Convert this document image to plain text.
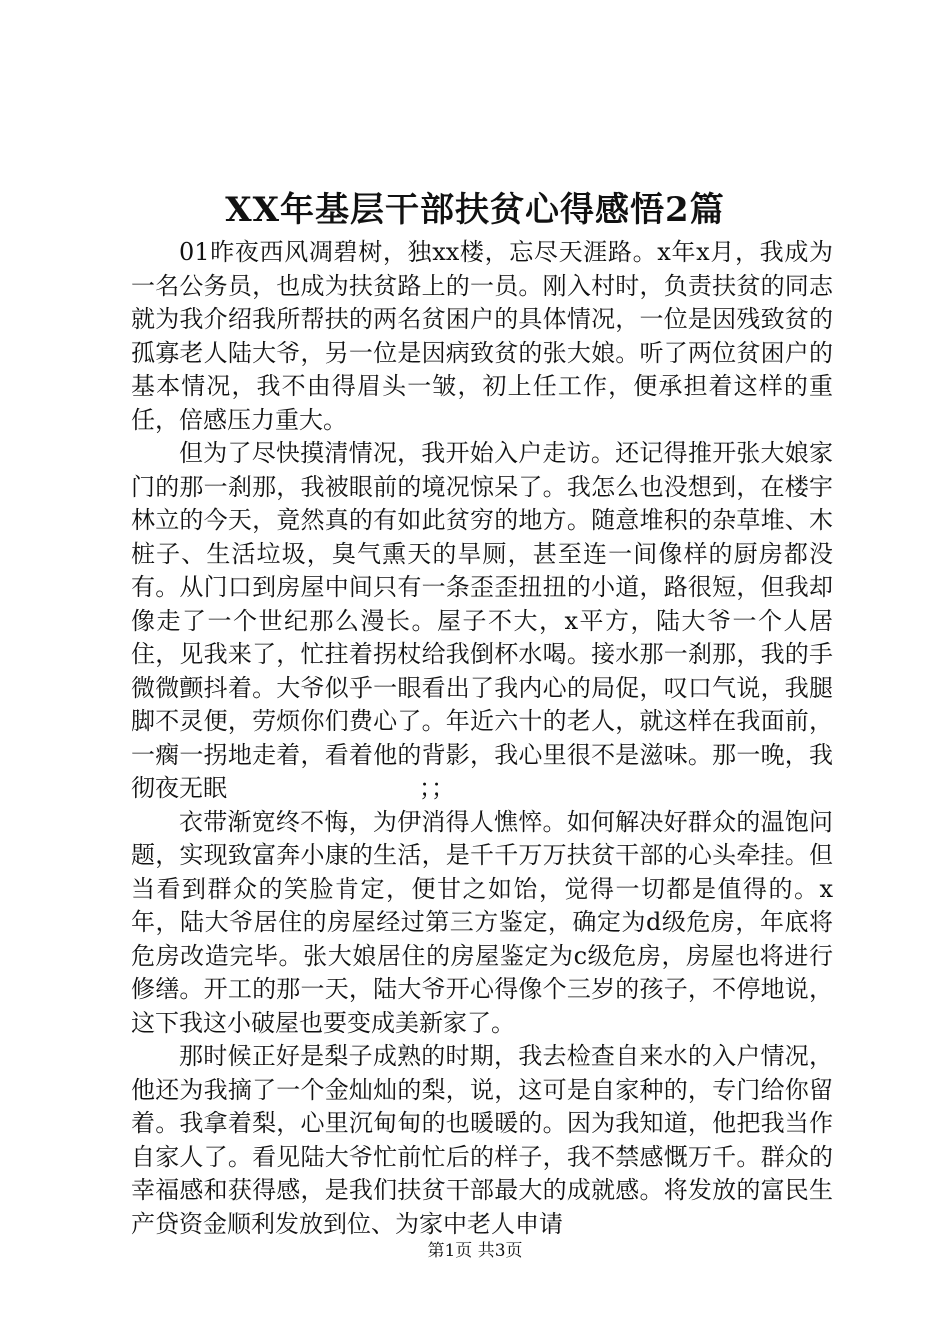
XX年基层干部扶贫心得感悟2篇

01昨夜西风凋碧树，独xx楼，忘尽天涯路。x年x月，我成为一名公务员，也成为扶贫路上的一员。刚入村时，负责扶贫的同志就为我介绍我所帮扶的两名贫困户的具体情况，一位是因残致贫的孤寡老人陆大爷，另一位是因病致贫的张大娘。听了两位贫困户的基本情况，我不由得眉头一皱，初上任工作，便承担着这样的重任，倍感压力重大。

但为了尽快摸清情况，我开始入户走访。还记得推开张大娘家门的那一刹那，我被眼前的境况惊呆了。我怎么也没想到，在楼宇林立的今天，竟然真的有如此贫穷的地方。随意堆积的杂草堆、木桩子、生活垃圾，臭气熏天的旱厕，甚至连一间像样的厨房都没有。从门口到房屋中间只有一条歪歪扭扭的小道，路很短，但我却像走了一个世纪那么漫长。屋子不大，x平方，陆大爷一个人居住，见我来了，忙拄着拐杖给我倒杯水喝。接水那一刹那，我的手微微颤抖着。大爷似乎一眼看出了我内心的局促，叹口气说，我腿脚不灵便，劳烦你们费心了。年近六十的老人，就这样在我面前，一瘸一拐地走着，看着他的背影，我心里很不是滋味。那一晚，我彻夜无眠　　　　　　　　；；

衣带渐宽终不悔，为伊消得人憔悴。如何解决好群众的温饱问题，实现致富奔小康的生活，是千千万万扶贫干部的心头牵挂。但当看到群众的笑脸肯定，便甘之如饴，觉得一切都是值得的。x年，陆大爷居住的房屋经过第三方鉴定，确定为d级危房，年底将危房改造完毕。张大娘居住的房屋鉴定为c级危房，房屋也将进行修缮。开工的那一天，陆大爷开心得像个三岁的孩子，不停地说，这下我这小破屋也要变成美新家了。

那时候正好是梨子成熟的时期，我去检查自来水的入户情况，他还为我摘了一个金灿灿的梨，说，这可是自家种的，专门给你留着。我拿着梨，心里沉甸甸的也暖暖的。因为我知道，他把我当作自家人了。看见陆大爷忙前忙后的样子，我不禁感慨万千。群众的幸福感和获得感，是我们扶贫干部最大的成就感。将发放的富民生产贷资金顺利发放到位、为家中老人申请

第1页 共3页
